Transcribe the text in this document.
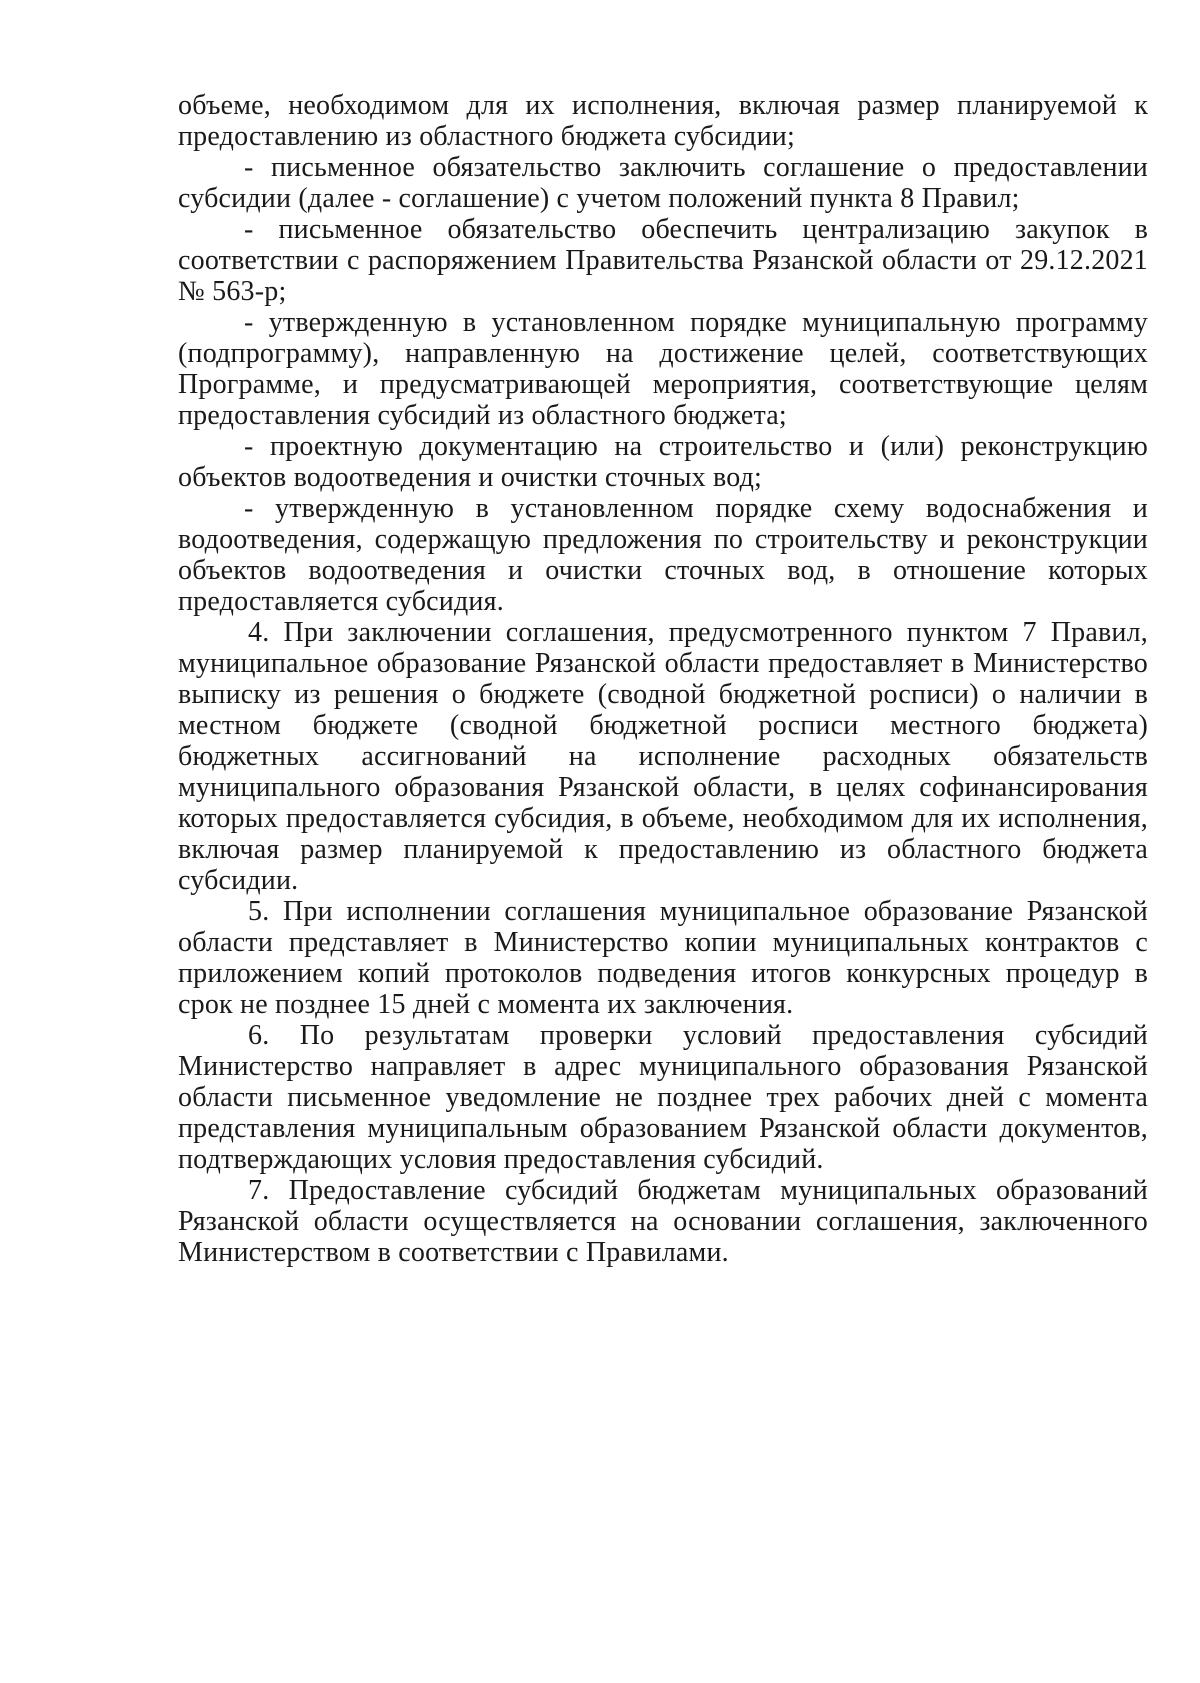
объеме, необходимом для их исполнения, включая размер планируемой к предоставлению из областного бюджета субсидии;

- письменное обязательство заключить соглашение о предоставлении субсидии (далее - соглашение) с учетом положений пункта 8 Правил;

- письменное обязательство обеспечить централизацию закупок в соответствии с распоряжением Правительства Рязанской области от 29.12.2021 № 563-р;

- утвержденную в установленном порядке муниципальную программу (подпрограмму), направленную на достижение целей, соответствующих Программе, и предусматривающей мероприятия, соответствующие целям предоставления субсидий из областного бюджета;

- проектную документацию на строительство и (или) реконструкцию объектов водоотведения и очистки сточных вод;

- утвержденную в установленном порядке схему водоснабжения и водоотведения, содержащую предложения по строительству и реконструкции объектов водоотведения и очистки сточных вод, в отношение которых предоставляется субсидия.

4. При заключении соглашения, предусмотренного пунктом 7 Правил, муниципальное образование Рязанской области предоставляет в Министерство выписку из решения о бюджете (сводной бюджетной росписи) о наличии в местном бюджете (сводной бюджетной росписи местного бюджета) бюджетных ассигнований на исполнение расходных обязательств муниципального образования Рязанской области, в целях софинансирования которых предоставляется субсидия, в объеме, необходимом для их исполнения, включая размер планируемой к предоставлению из областного бюджета субсидии.

5. При исполнении соглашения муниципальное образование Рязанской области представляет в Министерство копии муниципальных контрактов с приложением копий протоколов подведения итогов конкурсных процедур в срок не позднее 15 дней с момента их заключения.

6. По результатам проверки условий предоставления субсидий Министерство направляет в адрес муниципального образования Рязанской области письменное уведомление не позднее трех рабочих дней с момента представления муниципальным образованием Рязанской области документов, подтверждающих условия предоставления субсидий.

7. Предоставление субсидий бюджетам муниципальных образований Рязанской области осуществляется на основании соглашения, заключенного Министерством в соответствии с Правилами.
